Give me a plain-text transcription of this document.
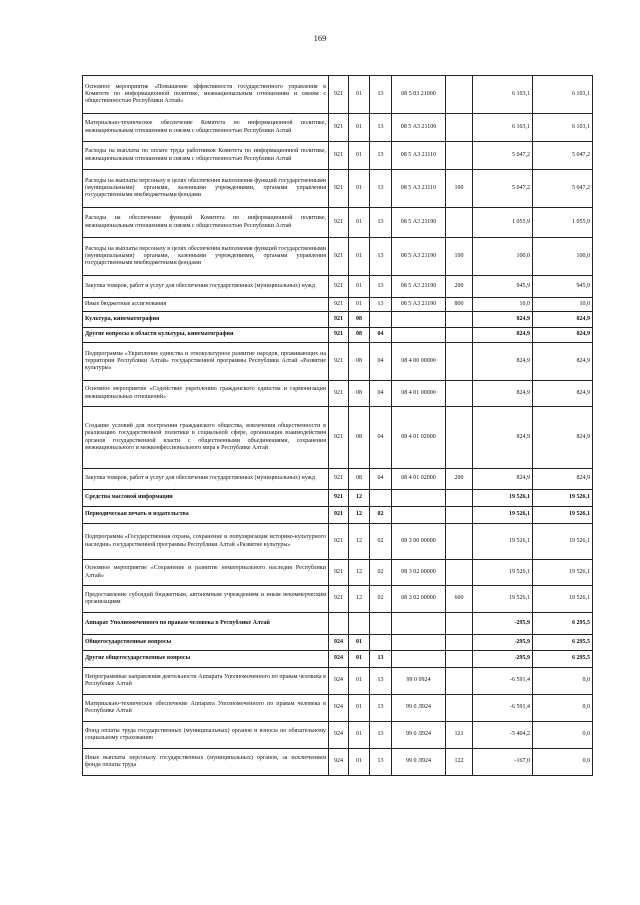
169
Основное мероприятие «Повышение эффективности государственного управления в Комитете по информационной политике, межнациональным отношениям и связям с общественностью Республики Алтай»	921	01	13	08 5 03 21000		6 103,1	6 103,1
Материально-техническое обеспечение Комитета по информационной политике, межнациональным отношениям и связям с общественностью Республики Алтай	921	01	13	08 5 А3 21100		6 103,1	6 103,1
Расходы на выплаты по оплате труда работников Комитета по информационной политике, межнациональным отношениям и связям с общественностью Республики Алтай	921	01	13	08 5 А3 21110		5 047,2	5 047,2
Расходы на выплаты персоналу в целях обеспечения выполнения функций государственными (муниципальными) органами, казенными учреждениями, органами управления государственными внебюджетными фондами	921	01	13	08 5 А3 21110	100	5 047,2	5 047,2
Расходы на обеспечение функций Комитета по информационной политике, межнациональным отношениям и связям с общественностью Республики Алтай	921	01	13	08 5 А3 21190		1 055,9	1 055,9
Расходы на выплаты персоналу в целях обеспечения выполнения функций государственными (муниципальными) органами, казенными учреждениями, органами управления государственными внебюджетными фондами	921	01	13	08 5 А3 21190	100	100,0	100,0
Закупка товаров, работ и услуг для обеспечения государственных (муниципальных) нужд	921	01	13	08 5 А3 21190	200	945,9	945,9
Иные бюджетные ассигнования	921	01	13	08 5 А3 21190	800	10,0	10,0
Культура, кинематография	921	08				824,9	824,9
Другие вопросы в области культуры, кинематографии	921	08	04			824,9	824,9
Подпрограмма «Укрепление единства и этнокультурное развитие народов, проживающих на территории Республики Алтай» государственной программы Республики Алтай «Развитие культуры»	921	08	04	08 4 00 00000		824,9	824,9
Основное мероприятие «Содействие укреплению гражданского единства и гармонизации межнациональных отношений»	921	08	04	08 4 01 00000		824,9	824,9
Создание условий для построения гражданского общества, вовлечения общественности в реализацию государственной политики в социальной сфере, организация взаимодействия органов государственной власти с общественными объединениями, сохранения межнационального и межконфессионального мира в Республике Алтай	921	08	04	08 4 01 02000		824,9	824,9
Закупка товаров, работ и услуг для обеспечения государственных (муниципальных) нужд	921	08	04	08 4 01 02000	200	824,9	824,9
Средства массовой информации	921	12				19 526,1	19 526,1
Периодическая печать и издательства	921	12	02			19 526,1	19 526,1
Подпрограмма «Государственная охрана, сохранение и популяризация историко-культурного наследия» государственной программы Республики Алтай «Развитие культуры»	921	12	02	08 3 00 00000		19 526,1	19 526,1
Основное мероприятие «Сохранение и развитие нематериального наследия Республики Алтай»	921	12	02	08 3 02 00000		19 526,1	19 526,1
Предоставление субсидий бюджетным, автономным учреждениям и иным некоммерческим организациям	921	12	02	08 3 02 00000	600	19 526,1	19 526,1
Аппарат Уполномоченного по правам человека в Республике Алтай						-295,9	6 295,5
Общегосударственные вопросы	924	01				-295,9	6 295,5
Другие общегосударственные вопросы	924	01	13			-295,9	6 295,5
Непрограммные направления деятельности Аппарата Уполномоченного по правам человека в Республике Алтай	924	01	13	99 0 0924		-6 591,4	0,0
Материально-техническое обеспечение Аппарата Уполномоченного по правам человека в Республике Алтай	924	01	13	99 0 Л924		-6 591,4	0,0
Фонд оплаты труда государственных (муниципальных) органов и взносы по обязательному социальному страхованию	924	01	13	99 0 Л924	121	-5 404,2	0,0
Иные выплаты персоналу государственных (муниципальных) органов, за исключением фонда оплаты труда	924	01	13	99 0 Л924	122	-167,0	0,0
